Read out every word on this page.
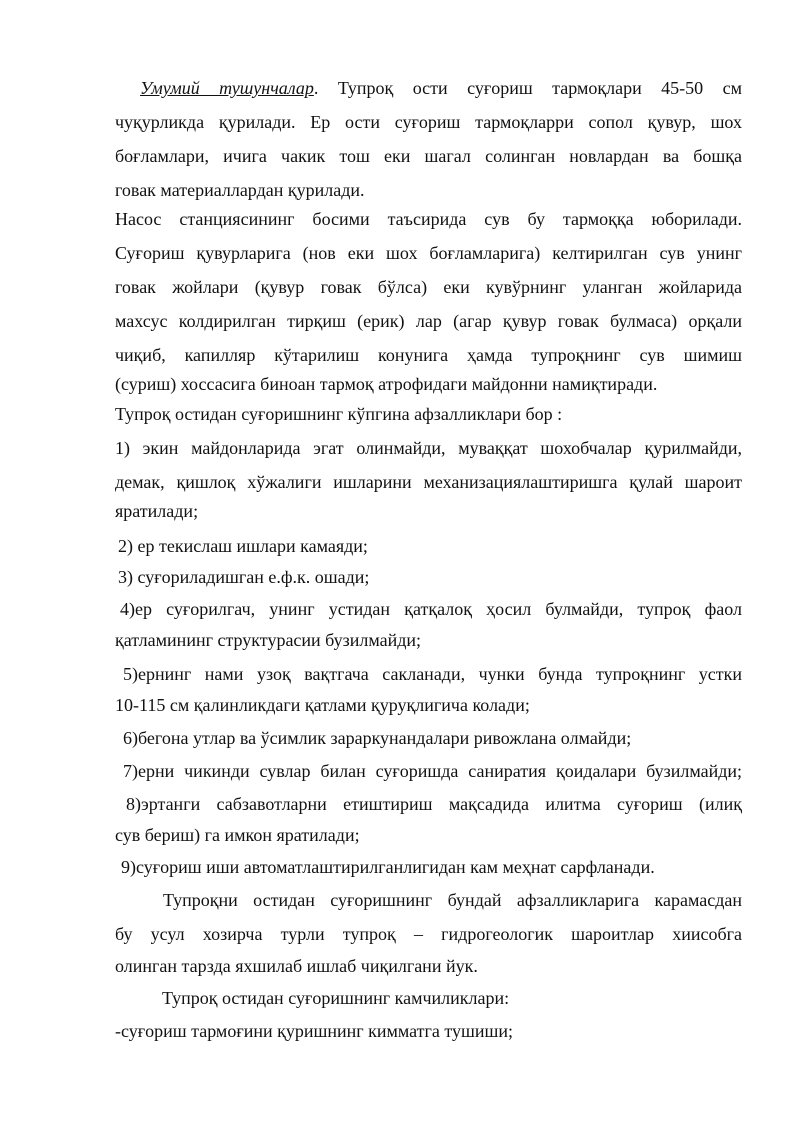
Умумий тушунчалар. Тупроқ ости суғориш тармоқлари 45-50 см
чуқурликда қурилади. Ер ости суғориш тармоқларри сопол қувур, шох
боғламлари, ичига чакик тош еки шагал солинган новлардан ва бошқа
говак материаллардан қурилади.
Насос станциясининг босими таъсирида сув бу тармоққа юборилади.
Суғориш қувурларига (нов еки шох боғламларига) келтирилган сув унинг
говак жойлари (қувур говак бўлса) еки кувўрнинг уланган жойларида
махсус колдирилган тирқиш (ерик) лар (агар қувур говак булмаса) орқали
чиқиб, капилляр кўтарилиш конунига ҳамда тупроқнинг сув шимиш
(суриш) хоссасига биноан тармоқ атрофидаги майдонни намиқтиради.
Тупроқ остидан суғоришнинг кўпгина афзалликлари бор :
1) экин майдонларида эгат олинмайди, муваққат шохобчалар қурилмайди,
демак, қишлоқ хўжалиги ишларини механизациялаштиришга қулай шароит
яратилади;
2) ер текислаш ишлари камаяди;
3) суғориладишган е.ф.к. ошади;
4)ер суғорилгач, унинг устидан қатқалоқ ҳосил булмайди, тупроқ фаол
қатламининг структурасии бузилмайди;
5)ернинг нами узоқ вақтгача сакланади, чунки бунда тупроқнинг устки
10-115 см қалинликдаги қатлами қуруқлигича колади;
6)бегона утлар ва ўсимлик зараркунандалари ривожлана олмайди;
7)ерни чикинди сувлар билан суғоришда саниратия қоидалари бузилмайди;
8)эртанги сабзавотларни етиштириш мақсадида илитма суғориш (илиқ
сув бериш) га имкон яратилади;
9)суғориш иши автоматлаштирилганлигидан кам меҳнат сарфланади.
Тупроқни остидан суғоришнинг бундай афзалликларига карамасдан
бу усул хозирча турли тупроқ – гидрогеологик шароитлар хиисобга
олинган тарзда яхшилаб ишлаб чиқилгани йук.
Тупроқ остидан суғоришнинг камчиликлари:
-суғориш тармоғини қуришнинг кимматга тушиши;
